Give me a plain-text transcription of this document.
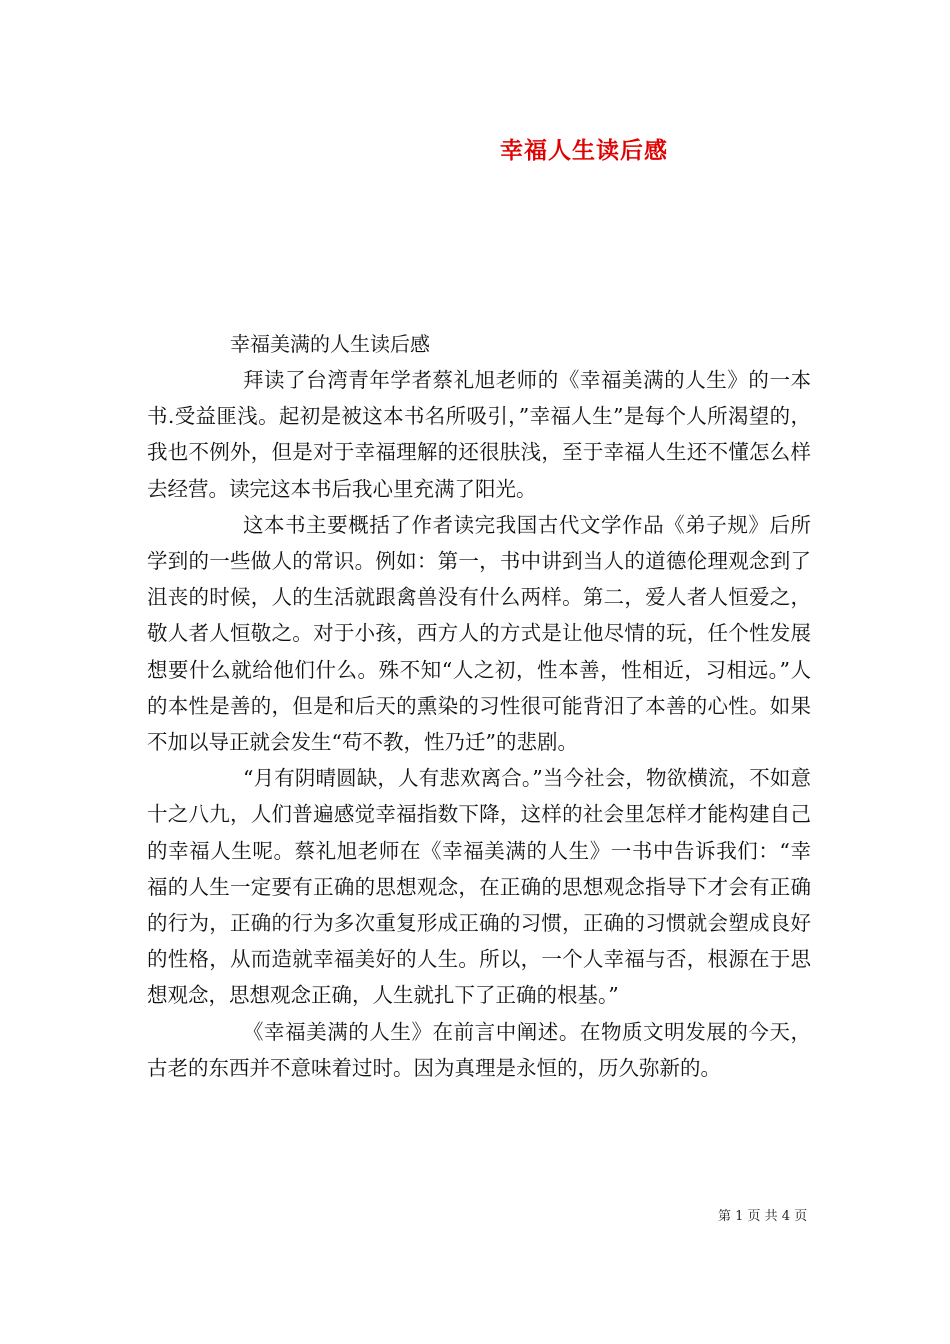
幸福人生读后感
幸福美满的人生读后感

拜读了台湾青年学者蔡礼旭老师的《幸福美满的人生》的一本书.受益匪浅。起初是被这本书名所吸引，”幸福人生”是每个人所渴望的，我也不例外，但是对于幸福理解的还很肤浅，至于幸福人生还不懂怎么样去经营。读完这本书后我心里充满了阳光。

这本书主要概括了作者读完我国古代文学作品《弟子规》后所学到的一些做人的常识。例如：第一，书中讲到当人的道德伦理观念到了沮丧的时候，人的生活就跟禽兽没有什么两样。第二，爱人者人恒爱之，敬人者人恒敬之。对于小孩，西方人的方式是让他尽情的玩，任个性发展想要什么就给他们什么。殊不知“人之初，性本善，性相近，习相远。”人的本性是善的，但是和后天的熏染的习性很可能背汨了本善的心性。如果不加以导正就会发生“苟不教，性乃迁”的悲剧。

“月有阴晴圆缺，人有悲欢离合。”当今社会，物欲横流，不如意十之八九，人们普遍感觉幸福指数下降，这样的社会里怎样才能构建自己的幸福人生呢。蔡礼旭老师在《幸福美满的人生》一书中告诉我们：“幸福的人生一定要有正确的思想观念，在正确的思想观念指导下才会有正确的行为，正确的行为多次重复形成正确的习惯，正确的习惯就会塑成良好的性格，从而造就幸福美好的人生。所以，一个人幸福与否，根源在于思想观念，思想观念正确，人生就扎下了正确的根基。”

《幸福美满的人生》在前言中阐述。在物质文明发展的今天，古老的东西并不意味着过时。因为真理是永恒的，历久弥新的。

第 1 页 共 4 页
